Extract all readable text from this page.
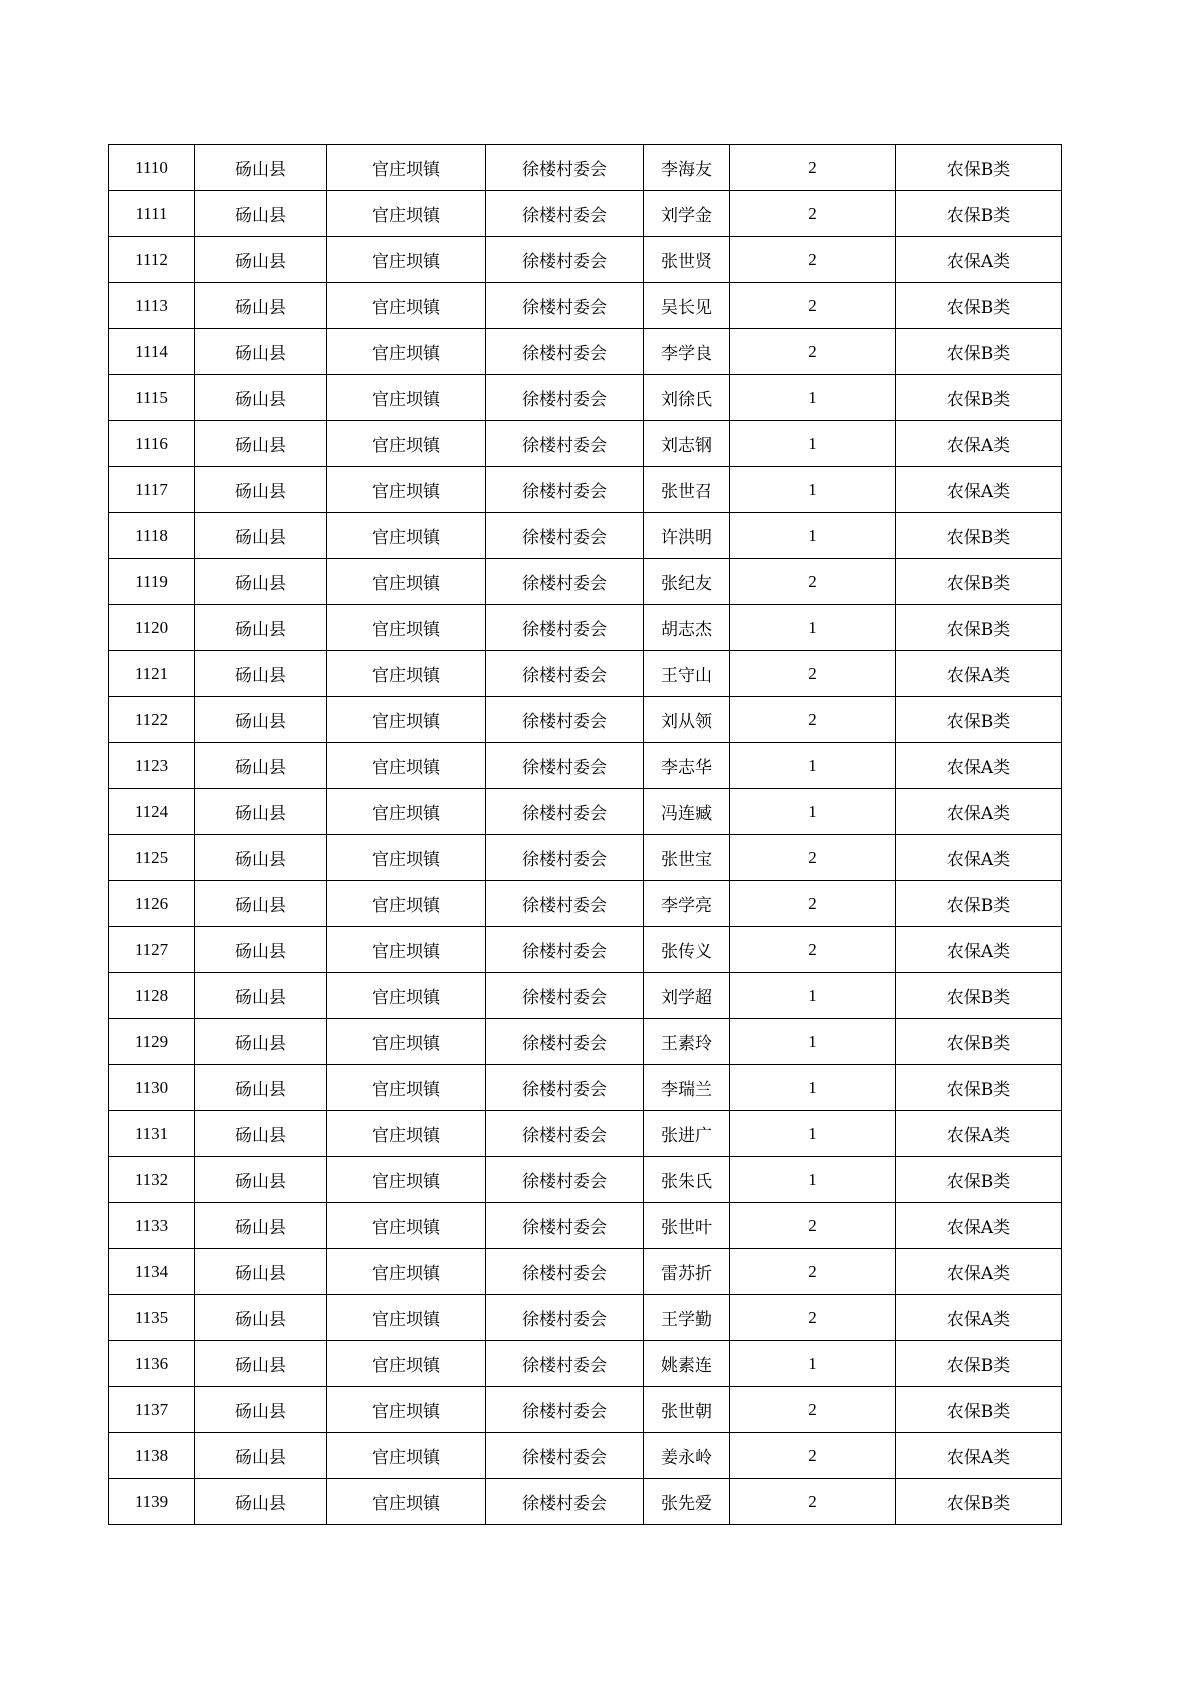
1110	砀山县	官庄坝镇	徐楼村委会	李海友	2	农保B类
1111	砀山县	官庄坝镇	徐楼村委会	刘学金	2	农保B类
1112	砀山县	官庄坝镇	徐楼村委会	张世贤	2	农保A类
1113	砀山县	官庄坝镇	徐楼村委会	吴长见	2	农保B类
1114	砀山县	官庄坝镇	徐楼村委会	李学良	2	农保B类
1115	砀山县	官庄坝镇	徐楼村委会	刘徐氏	1	农保B类
1116	砀山县	官庄坝镇	徐楼村委会	刘志钢	1	农保A类
1117	砀山县	官庄坝镇	徐楼村委会	张世召	1	农保A类
1118	砀山县	官庄坝镇	徐楼村委会	许洪明	1	农保B类
1119	砀山县	官庄坝镇	徐楼村委会	张纪友	2	农保B类
1120	砀山县	官庄坝镇	徐楼村委会	胡志杰	1	农保B类
1121	砀山县	官庄坝镇	徐楼村委会	王守山	2	农保A类
1122	砀山县	官庄坝镇	徐楼村委会	刘从领	2	农保B类
1123	砀山县	官庄坝镇	徐楼村委会	李志华	1	农保A类
1124	砀山县	官庄坝镇	徐楼村委会	冯连臧	1	农保A类
1125	砀山县	官庄坝镇	徐楼村委会	张世宝	2	农保A类
1126	砀山县	官庄坝镇	徐楼村委会	李学亮	2	农保B类
1127	砀山县	官庄坝镇	徐楼村委会	张传义	2	农保A类
1128	砀山县	官庄坝镇	徐楼村委会	刘学超	1	农保B类
1129	砀山县	官庄坝镇	徐楼村委会	王素玲	1	农保B类
1130	砀山县	官庄坝镇	徐楼村委会	李瑞兰	1	农保B类
1131	砀山县	官庄坝镇	徐楼村委会	张进广	1	农保A类
1132	砀山县	官庄坝镇	徐楼村委会	张朱氏	1	农保B类
1133	砀山县	官庄坝镇	徐楼村委会	张世叶	2	农保A类
1134	砀山县	官庄坝镇	徐楼村委会	雷苏折	2	农保A类
1135	砀山县	官庄坝镇	徐楼村委会	王学勤	2	农保A类
1136	砀山县	官庄坝镇	徐楼村委会	姚素连	1	农保B类
1137	砀山县	官庄坝镇	徐楼村委会	张世朝	2	农保B类
1138	砀山县	官庄坝镇	徐楼村委会	姜永岭	2	农保A类
1139	砀山县	官庄坝镇	徐楼村委会	张先爱	2	农保B类
